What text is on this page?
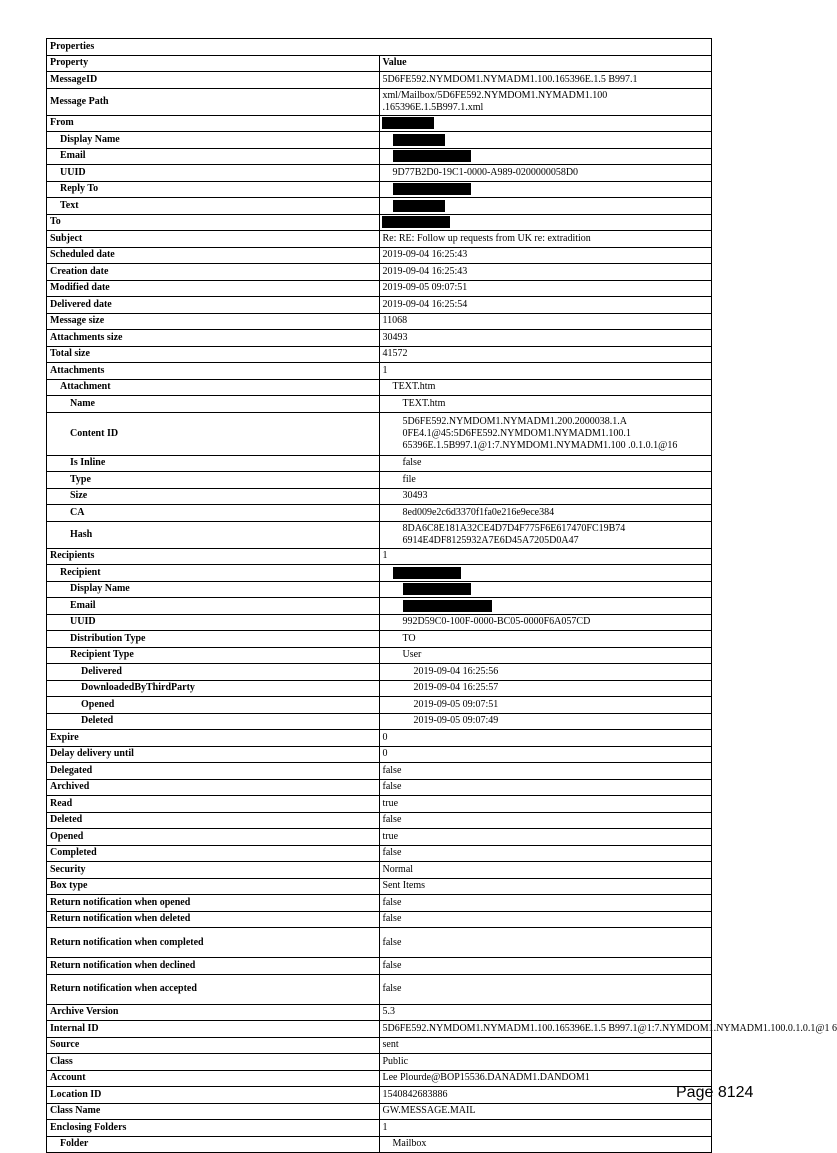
Properties	
Property	Value
MessageID	5D6FE592.NYMDOM1.NYMADM1.100.165396E.1.5 B997.1
Message Path	xml/Mailbox/5D6FE592.NYMDOM1.NYMADM1.100 .165396E.1.5B997.1.xml
From	
Display Name	
Email	
UUID	9D77B2D0-19C1-0000-A989-0200000058D0
Reply To	
Text	
To	
Subject	Re: RE: Follow up requests from UK re: extradition
Scheduled date	2019-09-04 16:25:43
Creation date	2019-09-04 16:25:43
Modified date	2019-09-05 09:07:51
Delivered date	2019-09-04 16:25:54
Message size	11068
Attachments size	30493
Total size	41572
Attachments	1
Attachment	TEXT.htm
Name	TEXT.htm
Content ID	5D6FE592.NYMDOM1.NYMADM1.200.2000038.1.A
0FE4.1@45:5D6FE592.NYMDOM1.NYMADM1.100.1
65396E.1.5B997.1@1:7.NYMDOM1.NYMADM1.100 .0.1.0.1@16

Is Inline	false
Type	file
Size	30493
CA	8ed009e2c6d3370f1fa0e216e9ece384
Hash	8DA6C8E181A32CE4D7D4F775F6E617470FC19B74 6914E4DF8125932A7E6D45A7205D0A47
Recipients	1
Recipient	
Display Name	
Email	
UUID	992D59C0-100F-0000-BC05-0000F6A057CD
Distribution Type	TO
Recipient Type	User
Delivered	2019-09-04 16:25:56
DownloadedByThirdParty	2019-09-04 16:25:57
Opened	2019-09-05 09:07:51
Deleted	2019-09-05 09:07:49
Expire	0
Delay delivery until	0
Delegated	false
Archived	false
Read	true
Deleted	false
Opened	true
Completed	false
Security	Normal
Box type	Sent Items
Return notification when opened	false
Return notification when deleted	false
Return notification when completed	false
Return notification when declined	false
Return notification when accepted	false
Archive Version	5.3
Internal ID	5D6FE592.NYMDOM1.NYMADM1.100.165396E.1.5 B997.1@1:7.NYMDOM1.NYMADM1.100.0.1.0.1@1 6
Source	sent
Class	Public
Account	Lee Plourde@BOP15536.DANADM1.DANDOM1
Location ID	1540842683886
Class Name	GW.MESSAGE.MAIL
Enclosing Folders	1
Folder	Mailbox
Page 8124
